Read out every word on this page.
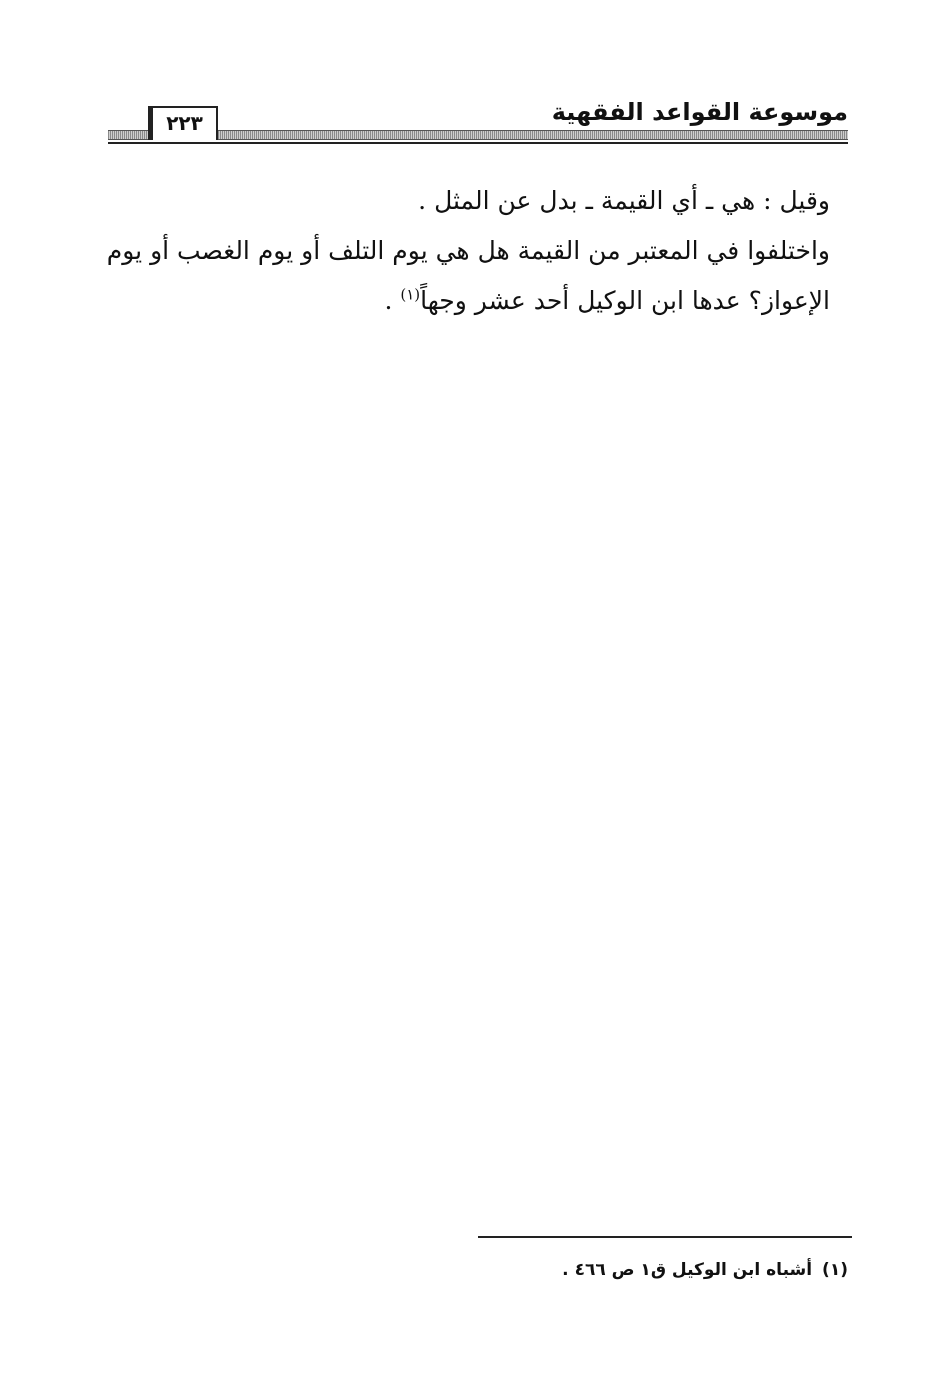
موسوعة القواعد الفقهية
٢٢٣

وقيل : هي ـ أي القيمة ـ بدل عن المثل .

واختلفوا في المعتبر من القيمة هل هي يوم التلف أو يوم الغصب أو يوم الإعواز؟ عدها ابن الوكيل أحد عشر وجهاً$^{(١)}$ .

(١)أشباه ابن الوكيل ق١ ص ٤٦٦ .
